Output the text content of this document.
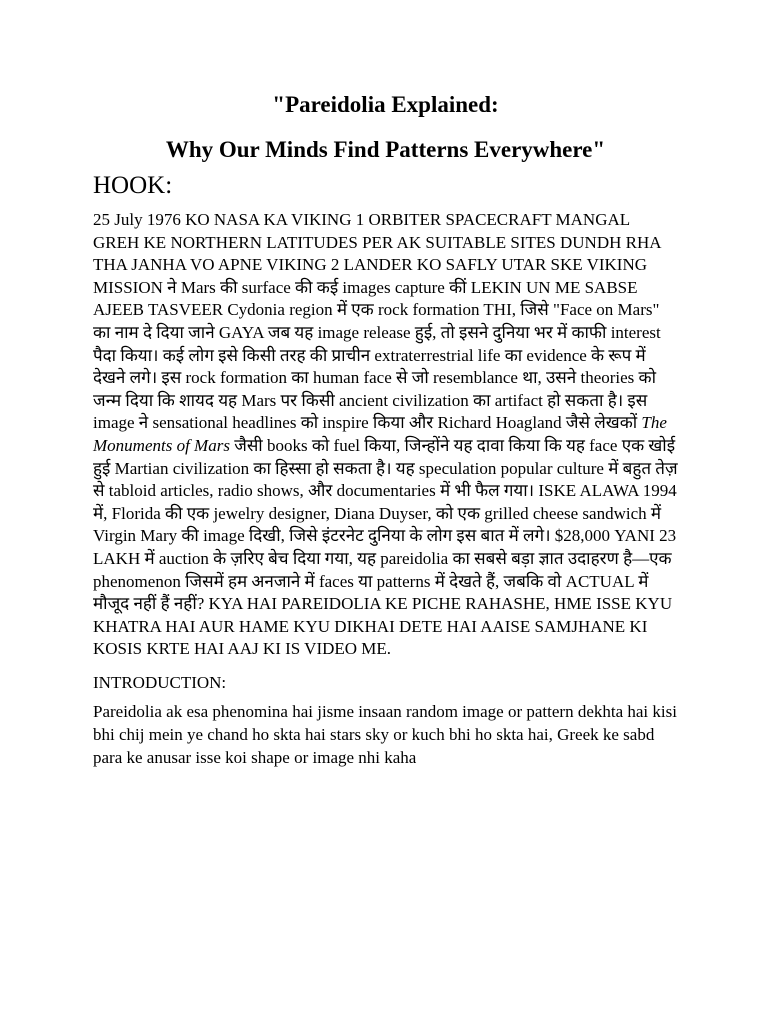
"Pareidolia Explained:
Why Our Minds Find Patterns Everywhere"
HOOK:

25 July 1976 KO NASA KA VIKING 1 ORBITER SPACECRAFT MANGAL GREH KE NORTHERN LATITUDES PER AK SUITABLE SITES DUNDH RHA THA JANHA VO APNE VIKING 2 LANDER KO SAFLY UTAR SKE VIKING MISSION ने Mars की surface की कई images capture कीं LEKIN UN ME SABSE AJEEB TASVEER Cydonia region में एक rock formation THI, जिसे "Face on Mars" का नाम दे दिया जाने GAYA जब यह image release हुई, तो इसने दुनिया भर में काफी interest पैदा किया। कई लोग इसे किसी तरह की प्राचीन extraterrestrial life का evidence के रूप में देखने लगे। इस rock formation का human face से जो resemblance था, उसने theories को जन्म दिया कि शायद यह Mars पर किसी ancient civilization का artifact हो सकता है। इस image ने sensational headlines को inspire किया और Richard Hoagland जैसे लेखकों The Monuments of Mars जैसी books को fuel किया, जिन्होंने यह दावा किया कि यह face एक खोई हुई Martian civilization का हिस्सा हो सकता है। यह speculation popular culture में बहुत तेज़ से tabloid articles, radio shows, और documentaries में भी फैल गया। ISKE ALAWA 1994 में, Florida की एक jewelry designer, Diana Duyser, को एक grilled cheese sandwich में Virgin Mary की image दिखी, जिसे इंटरनेट दुनिया के लोग इस बात में लगे। $28,000 YANI 23 LAKH में auction के ज़रिए बेच दिया गया, यह pareidolia का सबसे बड़ा ज्ञात उदाहरण है—एक phenomenon जिसमें हम अनजाने में faces या patterns में देखते हैं, जबकि वो ACTUAL में मौजूद नहीं हैं नहीं? KYA HAI PAREIDOLIA KE PICHE RAHASHE, HME ISSE KYU KHATRA HAI AUR HAME KYU DIKHAI DETE HAI AAISE SAMJHANE KI KOSIS KRTE HAI AAJ KI IS VIDEO ME.

INTRODUCTION:

Pareidolia ak esa phenomina hai jisme insaan random image or pattern dekhta hai kisi bhi chij mein ye chand ho skta hai stars sky or kuch bhi ho skta hai, Greek ke sabd para ke anusar isse koi shape or image nhi kaha
